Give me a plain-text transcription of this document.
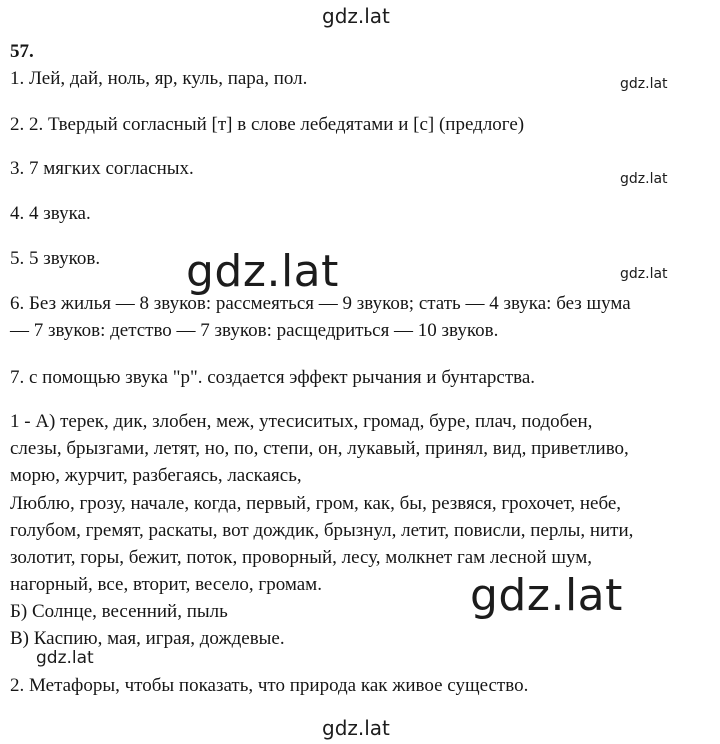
gdz.lat
gdz.lat
gdz.lat
gdz.lat
57.
1. Лей, дай, ноль, яр, куль, пара, пол.
2. 2. Твердый согласный [т] в слове лебедятами и [с] (предлоге)
3. 7 мягких согласных.
4. 4 звука.
5. 5 звуков.
6. Без жилья — 8 звуков: рассмеяться — 9 звуков; стать — 4 звука: без шума
— 7 звуков: детство — 7 звуков: расщедриться — 10 звуков.
7. с помощью звука "р". создается эффект рычания и бунтарства.
1 - А) терек, дик, злобен, меж, утесиситых, громад, буре, плач, подобен,
слезы, брызгами, летят, но, по, степи, он, лукавый, принял, вид, приветливо,
морю, журчит, разбегаясь, ласкаясь,
Люблю, грозу, начале, когда, первый, гром, как, бы, резвяся, грохочет, небе,
голубом, гремят, раскаты, вот дождик, брызнул, летит, повисли, перлы, нити,
золотит, горы, бежит, поток, проворный, лесу, молкнет гам лесной шум,
нагорный, все, вторит, весело, громам.
Б) Солнце, весенний, пыль
В) Каспию, мая, играя, дождевые.
2. Метафоры, чтобы показать, что природа как живое существо.
gdz.lat
gdz.lat
gdz.lat
gdz.lat
